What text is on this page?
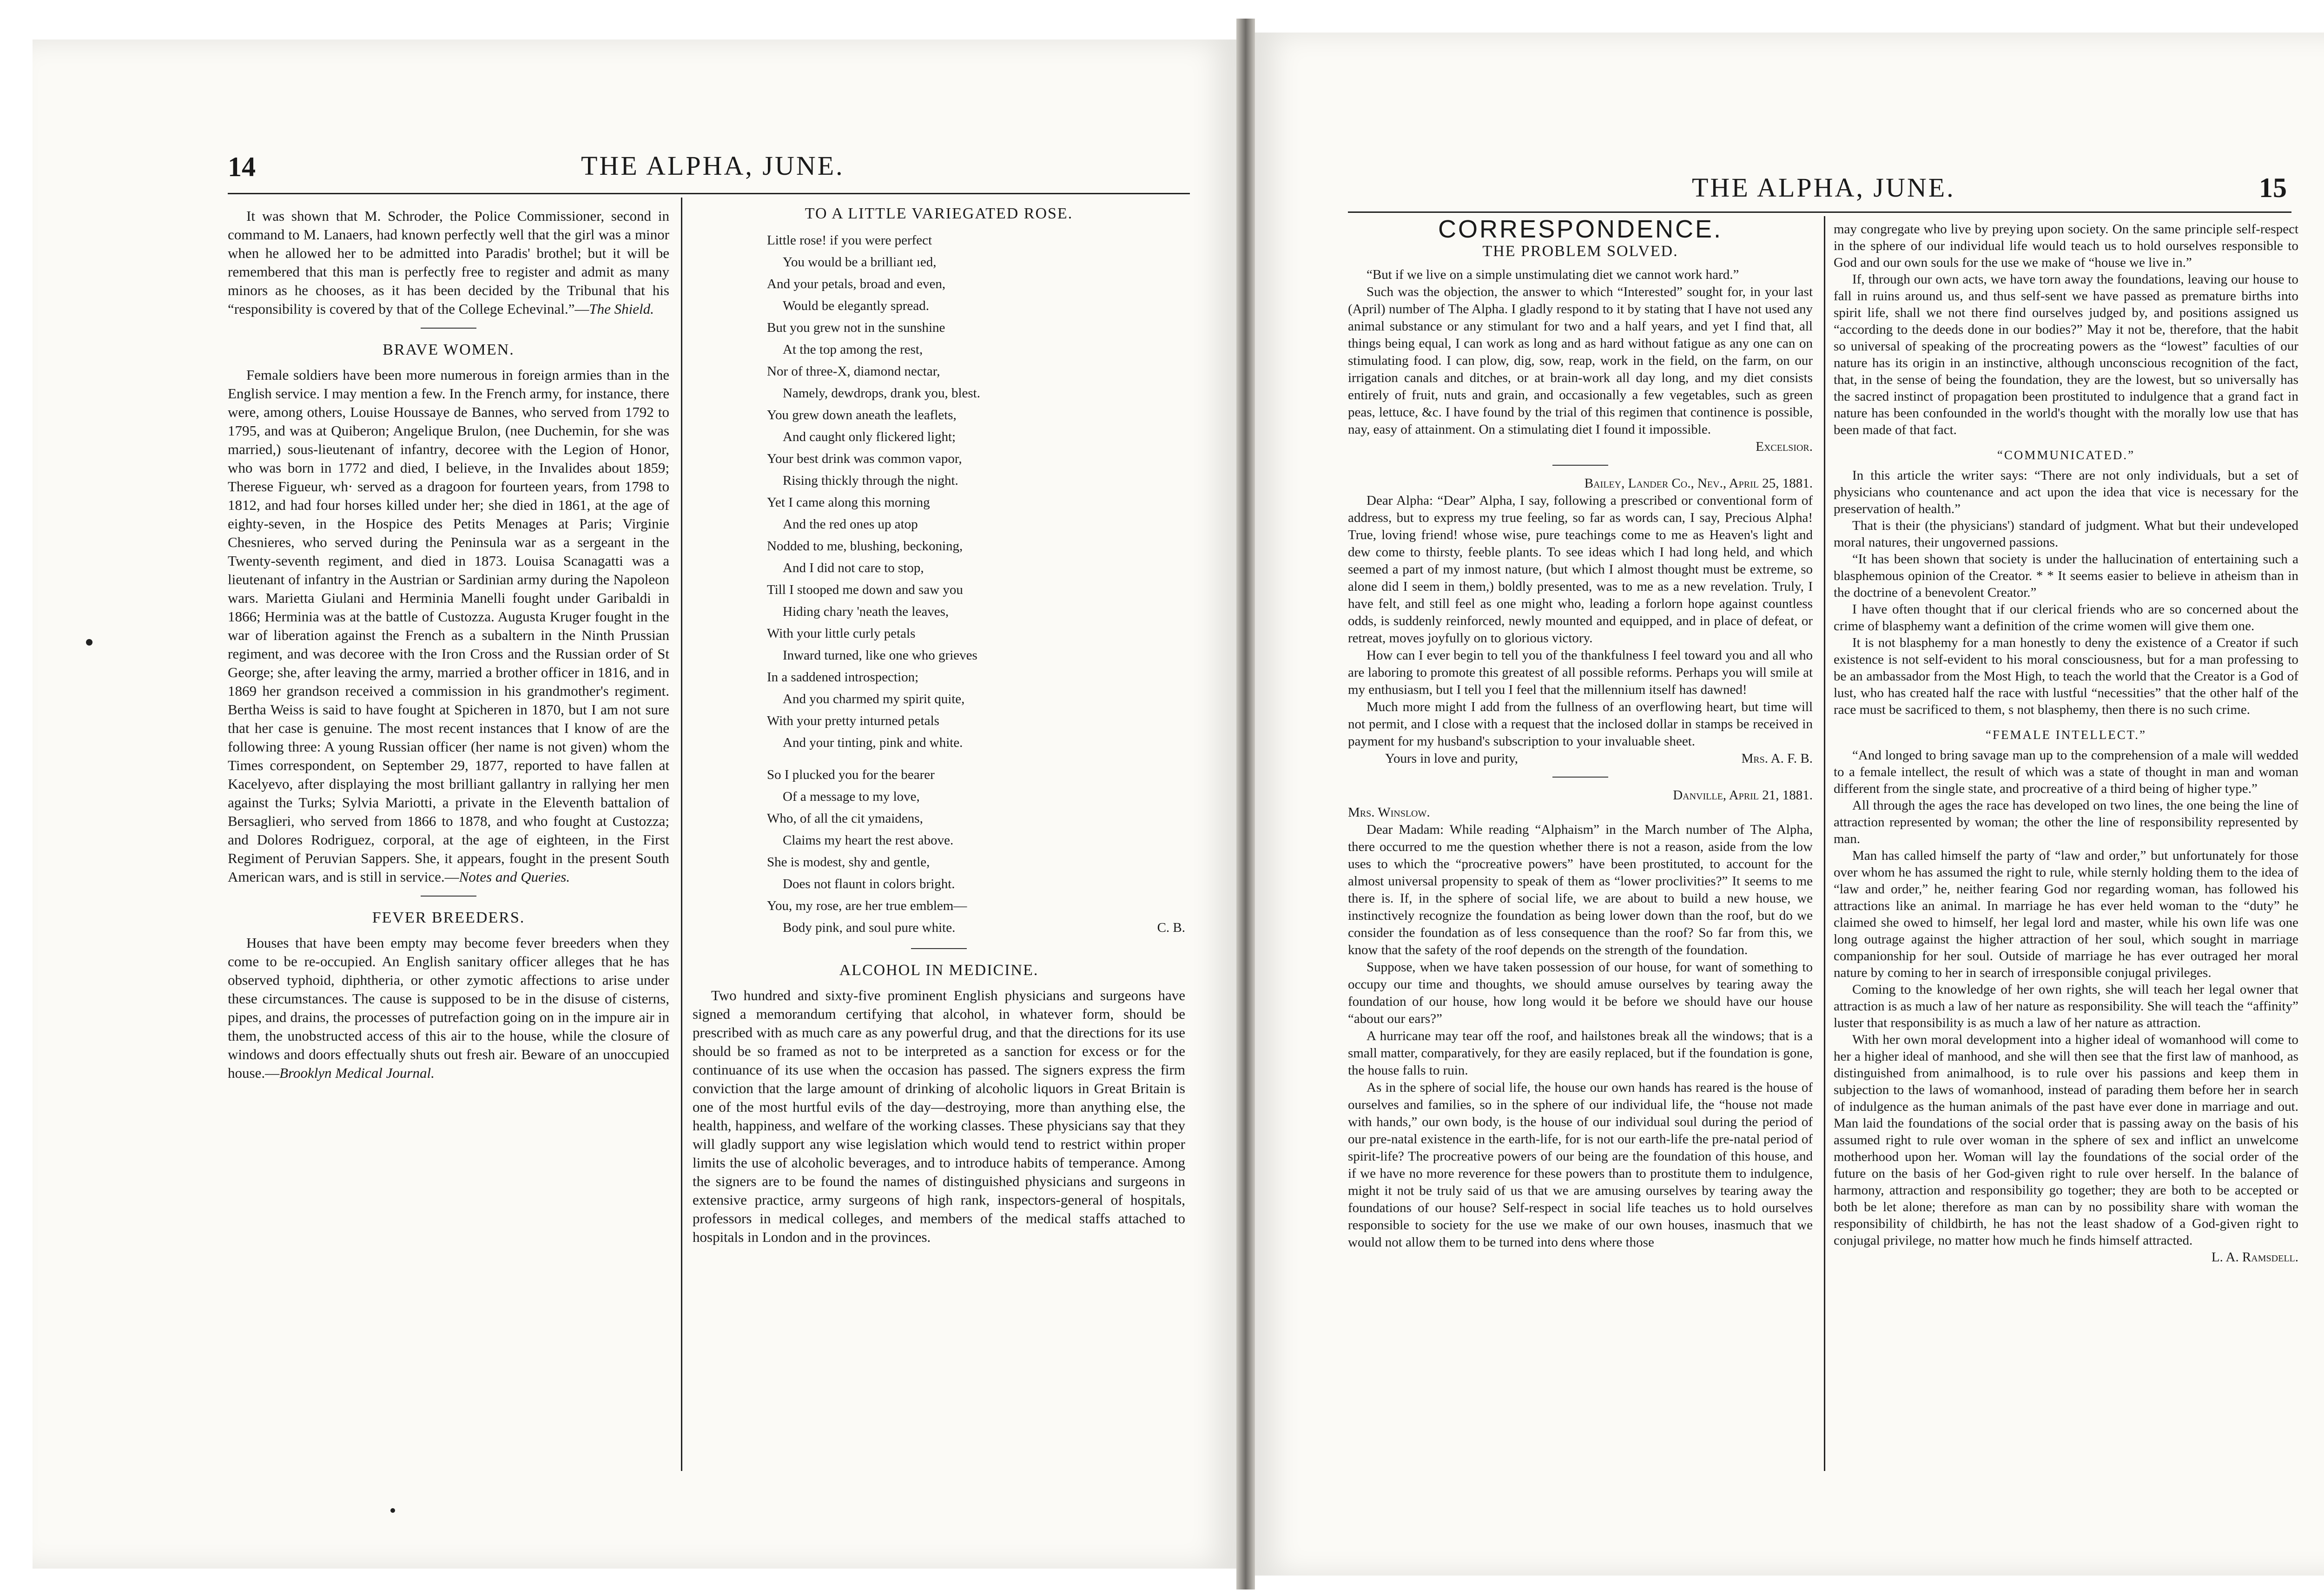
14	THE ALPHA, JUNE.

It was shown that M. Schroder, the Police Commissioner, second in command to M. Lanaers, had known perfectly well that the girl was a minor when he allowed her to be admitted into Paradis' brothel; but it will be remembered that this man is perfectly free to register and admit as many minors as he chooses, as it has been decided by the Tribunal that his “responsibility is covered by that of the College Echevinal.”—The Shield.

BRAVE WOMEN.

Female soldiers have been more numerous in foreign armies than in the English service. I may mention a few. In the French army, for instance, there were, among others, Louise Houssaye de Bannes, who served from 1792 to 1795, and was at Quiberon; Angelique Brulon, (nee Duchemin, for she was married,) sous-lieutenant of infantry, decoree with the Legion of Honor, who was born in 1772 and died, I believe, in the Invalides about 1859; Therese Figueur, wh· served as a dragoon for fourteen years, from 1798 to 1812, and had four horses killed under her; she died in 1861, at the age of eighty-seven, in the Hospice des Petits Menages at Paris; Virginie Chesnieres, who served during the Peninsula war as a sergeant in the Twenty-seventh regiment, and died in 1873. Louisa Scanagatti was a lieutenant of infantry in the Austrian or Sardinian army during the Napoleon wars. Marietta Giulani and Herminia Manelli fought under Garibaldi in 1866; Herminia was at the battle of Custozza. Augusta Kruger fought in the war of liberation against the French as a subaltern in the Ninth Prussian regiment, and was decoree with the Iron Cross and the Russian order of St George; she, after leaving the army, married a brother officer in 1816, and in 1869 her grandson received a commission in his grandmother's regiment. Bertha Weiss is said to have fought at Spicheren in 1870, but I am not sure that her case is genuine. The most recent instances that I know of are the following three: A young Russian officer (her name is not given) whom the Times correspondent, on September 29, 1877, reported to have fallen at Kacelyevo, after displaying the most brilliant gallantry in rallying her men against the Turks; Sylvia Mariotti, a private in the Eleventh battalion of Bersaglieri, who served from 1866 to 1878, and who fought at Custozza; and Dolores Rodriguez, corporal, at the age of eighteen, in the First Regiment of Peruvian Sappers. She, it appears, fought in the present South American wars, and is still in service.—Notes and Queries.

FEVER BREEDERS.

Houses that have been empty may become fever breeders when they come to be re-occupied. An English sanitary officer alleges that he has observed typhoid, diphtheria, or other zymotic affections to arise under these circumstances. The cause is supposed to be in the disuse of cisterns, pipes, and drains, the processes of putrefaction going on in the impure air in them, the unobstructed access of this air to the house, while the closure of windows and doors effectually shuts out fresh air. Beware of an unoccupied house.—Brooklyn Medical Journal.

TO A LITTLE VARIEGATED ROSE.
Little rose! if you were perfect
You would be a brilliant ıed,
And your petals, broad and even,
Would be elegantly spread.
But you grew not in the sunshine
At the top among the rest,
Nor of three-X, diamond nectar,
Namely, dewdrops, drank you, blest.
You grew down aneath the leaflets,
And caught only flickered light;
Your best drink was common vapor,
Rising thickly through the night.
Yet I came along this morning
And the red ones up atop
Nodded to me, blushing, beckoning,
And I did not care to stop,
Till I stooped me down and saw you
Hiding chary 'neath the leaves,
With your little curly petals
Inward turned, like one who grieves
In a saddened introspection;
And you charmed my spirit quite,
With your pretty inturned petals
And your tinting, pink and white.
So I plucked you for the bearer
Of a message to my love,
Who, of all the cit ymaidens,
Claims my heart the rest above.
She is modest, shy and gentle,
Does not flaunt in colors bright.
You, my rose, are her true emblem—
Body pink, and soul pure white.	C. B.
ALCOHOL IN MEDICINE.

Two hundred and sixty-five prominent English physicians and surgeons have signed a memorandum certifying that alcohol, in whatever form, should be prescribed with as much care as any powerful drug, and that the directions for its use should be so framed as not to be interpreted as a sanction for excess or for the continuance of its use when the occasion has passed. The signers express the firm conviction that the large amount of drinking of alcoholic liquors in Great Britain is one of the most hurtful evils of the day—destroying, more than anything else, the health, happiness, and welfare of the working classes. These physicians say that they will gladly support any wise legislation which would tend to restrict within proper limits the use of alcoholic beverages, and to introduce habits of temperance. Among the signers are to be found the names of distinguished physicians and surgeons in extensive practice, army surgeons of high rank, inspectors-general of hospitals, professors in medical colleges, and members of the medical staffs attached to hospitals in London and in the provinces.

THE ALPHA, JUNE.	15
CORRESPONDENCE.
THE PROBLEM SOLVED.

“But if we live on a simple unstimulating diet we cannot work hard.”

Such was the objection, the answer to which “Interested” sought for, in your last (April) number of The Alpha. I gladly respond to it by stating that I have not used any animal substance or any stimulant for two and a half years, and yet I find that, all things being equal, I can work as long and as hard without fatigue as any one can on stimulating food. I can plow, dig, sow, reap, work in the field, on the farm, on our irrigation canals and ditches, or at brain-work all day long, and my diet consists entirely of fruit, nuts and grain, and occasionally a few vegetables, such as green peas, lettuce, &c. I have found by the trial of this regimen that continence is possible, nay, easy of attainment. On a stimulating diet I found it impossible.

Excelsior.
Bailey, Lander Co., Nev., April 25, 1881.

Dear Alpha: “Dear” Alpha, I say, following a prescribed or conventional form of address, but to express my true feeling, so far as words can, I say, Precious Alpha! True, loving friend! whose wise, pure teachings come to me as Heaven's light and dew come to thirsty, feeble plants. To see ideas which I had long held, and which seemed a part of my inmost nature, (but which I almost thought must be extreme, so alone did I seem in them,) boldly presented, was to me as a new revelation. Truly, I have felt, and still feel as one might who, leading a forlorn hope against countless odds, is suddenly reinforced, newly mounted and equipped, and in place of defeat, or retreat, moves joyfully on to glorious victory.

How can I ever begin to tell you of the thankfulness I feel toward you and all who are laboring to promote this greatest of all possible reforms. Perhaps you will smile at my enthusiasm, but I tell you I feel that the millennium itself has dawned!

Much more might I add from the fullness of an overflowing heart, but time will not permit, and I close with a request that the inclosed dollar in stamps be received in payment for my husband's subscription to your invaluable sheet.

Yours in love and purity,	Mrs. A. F. B.
Danville, April 21, 1881.
Mrs. Winslow.

Dear Madam: While reading “Alphaism” in the March number of The Alpha, there occurred to me the question whether there is not a reason, aside from the low uses to which the “procreative powers” have been prostituted, to account for the almost universal propensity to speak of them as “lower proclivities?” It seems to me there is. If, in the sphere of social life, we are about to build a new house, we instinctively recognize the foundation as being lower down than the roof, but do we consider the foundation as of less consequence than the roof? So far from this, we know that the safety of the roof depends on the strength of the foundation.

Suppose, when we have taken possession of our house, for want of something to occupy our time and thoughts, we should amuse ourselves by tearing away the foundation of our house, how long would it be before we should have our house “about our ears?”

A hurricane may tear off the roof, and hailstones break all the windows; that is a small matter, comparatively, for they are easily replaced, but if the foundation is gone, the house falls to ruin.

As in the sphere of social life, the house our own hands has reared is the house of ourselves and families, so in the sphere of our individual life, the “house not made with hands,” our own body, is the house of our individual soul during the period of our pre-natal existence in the earth-life, for is not our earth-life the pre-natal period of spirit-life? The procreative powers of our being are the foundation of this house, and if we have no more reverence for these powers than to prostitute them to indulgence, might it not be truly said of us that we are amusing ourselves by tearing away the foundations of our house? Self-respect in social life teaches us to hold ourselves responsible to society for the use we make of our own houses, inasmuch that we would not allow them to be turned into dens where those

may congregate who live by preying upon society. On the same principle self-respect in the sphere of our individual life would teach us to hold ourselves responsible to God and our own souls for the use we make of “house we live in.”

If, through our own acts, we have torn away the foundations, leaving our house to fall in ruins around us, and thus self-sent we have passed as premature births into spirit life, shall we not there find ourselves judged by, and positions assigned us “according to the deeds done in our bodies?” May it not be, therefore, that the habit so universal of speaking of the procreating powers as the “lowest” faculties of our nature has its origin in an instinctive, although unconscious recognition of the fact, that, in the sense of being the foundation, they are the lowest, but so universally has the sacred instinct of propagation been prostituted to indulgence that a grand fact in nature has been confounded in the world's thought with the morally low use that has been made of that fact.

“COMMUNICATED.”

In this article the writer says: “There are not only individuals, but a set of physicians who countenance and act upon the idea that vice is necessary for the preservation of health.”

That is their (the physicians') standard of judgment. What but their undeveloped moral natures, their ungoverned passions.

“It has been shown that society is under the hallucination of entertaining such a blasphemous opinion of the Creator. * * It seems easier to believe in atheism than in the doctrine of a benevolent Creator.”

I have often thought that if our clerical friends who are so concerned about the crime of blasphemy want a definition of the crime women will give them one.

It is not blasphemy for a man honestly to deny the existence of a Creator if such existence is not self-evident to his moral consciousness, but for a man professing to be an ambassador from the Most High, to teach the world that the Creator is a God of lust, who has created half the race with lustful “necessities” that the other half of the race must be sacrificed to them, s not blasphemy, then there is no such crime.

“FEMALE INTELLECT.”

“And longed to bring savage man up to the comprehension of a male will wedded to a female intellect, the result of which was a state of thought in man and woman different from the single state, and procreative of a third being of higher type.”

All through the ages the race has developed on two lines, the one being the line of attraction represented by woman; the other the line of responsibility represented by man.

Man has called himself the party of “law and order,” but unfortunately for those over whom he has assumed the right to rule, while sternly holding them to the idea of “law and order,” he, neither fearing God nor regarding woman, has followed his attractions like an animal. In marriage he has ever held woman to the “duty” he claimed she owed to himself, her legal lord and master, while his own life was one long outrage against the higher attraction of her soul, which sought in marriage companionship for her soul. Outside of marriage he has ever outraged her moral nature by coming to her in search of irresponsible conjugal privileges.

Coming to the knowledge of her own rights, she will teach her legal owner that attraction is as much a law of her nature as responsibility. She will teach the “affinity” luster that responsibility is as much a law of her nature as attraction.

With her own moral development into a higher ideal of womanhood will come to her a higher ideal of manhood, and she will then see that the first law of manhood, as distinguished from animalhood, is to rule over his passions and keep them in subjection to the laws of womanhood, instead of parading them before her in search of indulgence as the human animals of the past have ever done in marriage and out. Man laid the foundations of the social order that is passing away on the basis of his assumed right to rule over woman in the sphere of sex and inflict an unwelcome motherhood upon her. Woman will lay the foundations of the social order of the future on the basis of her God-given right to rule over herself. In the balance of harmony, attraction and responsibility go together; they are both to be accepted or both be let alone; therefore as man can by no possibility share with woman the responsibility of childbirth, he has not the least shadow of a God-given right to conjugal privilege, no matter how much he finds himself attracted.

L. A. Ramsdell.
